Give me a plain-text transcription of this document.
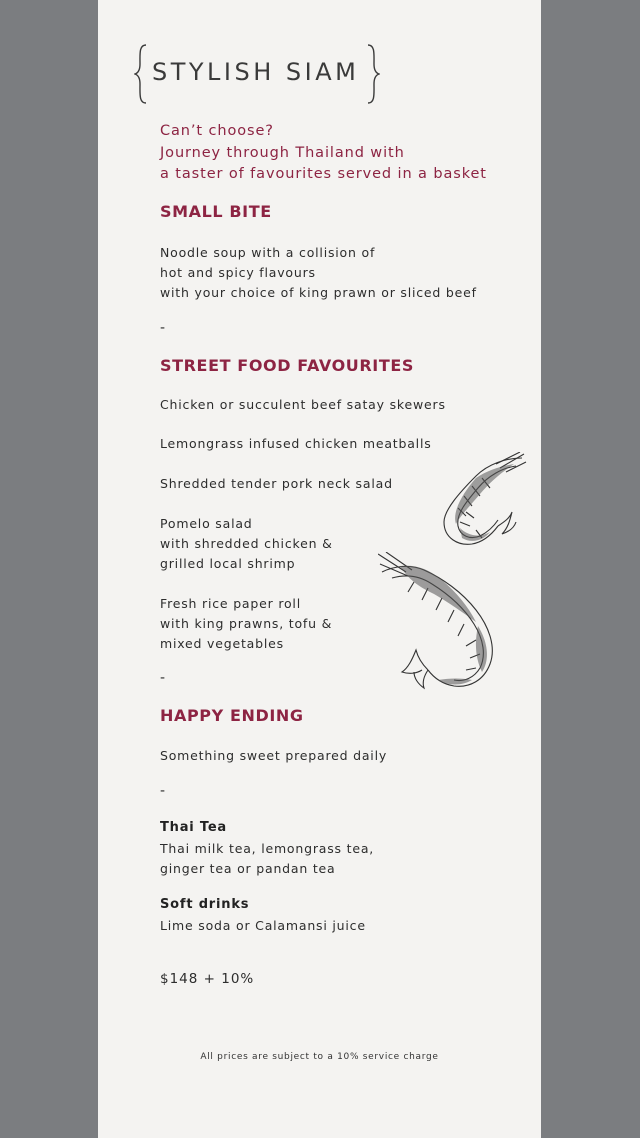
STYLISH SIAM
Can’t choose?
Journey through Thailand with
a taster of favourites served in a basket
SMALL BITE
Noodle soup with a collision of
hot and spicy flavours
with your choice of king prawn or sliced beef
-
STREET FOOD FAVOURITES
Chicken or succulent beef satay skewers
Lemongrass infused chicken meatballs
Shredded tender pork neck salad
Pomelo salad
with shredded chicken &
grilled local shrimp
Fresh rice paper roll
with king prawns, tofu &
mixed vegetables
-
HAPPY ENDING
Something sweet prepared daily
-
Thai Tea
Thai milk tea, lemongrass tea,
ginger tea or pandan tea
Soft drinks
Lime soda or Calamansi juice
$148 + 10%
All prices are subject to a 10% service charge
